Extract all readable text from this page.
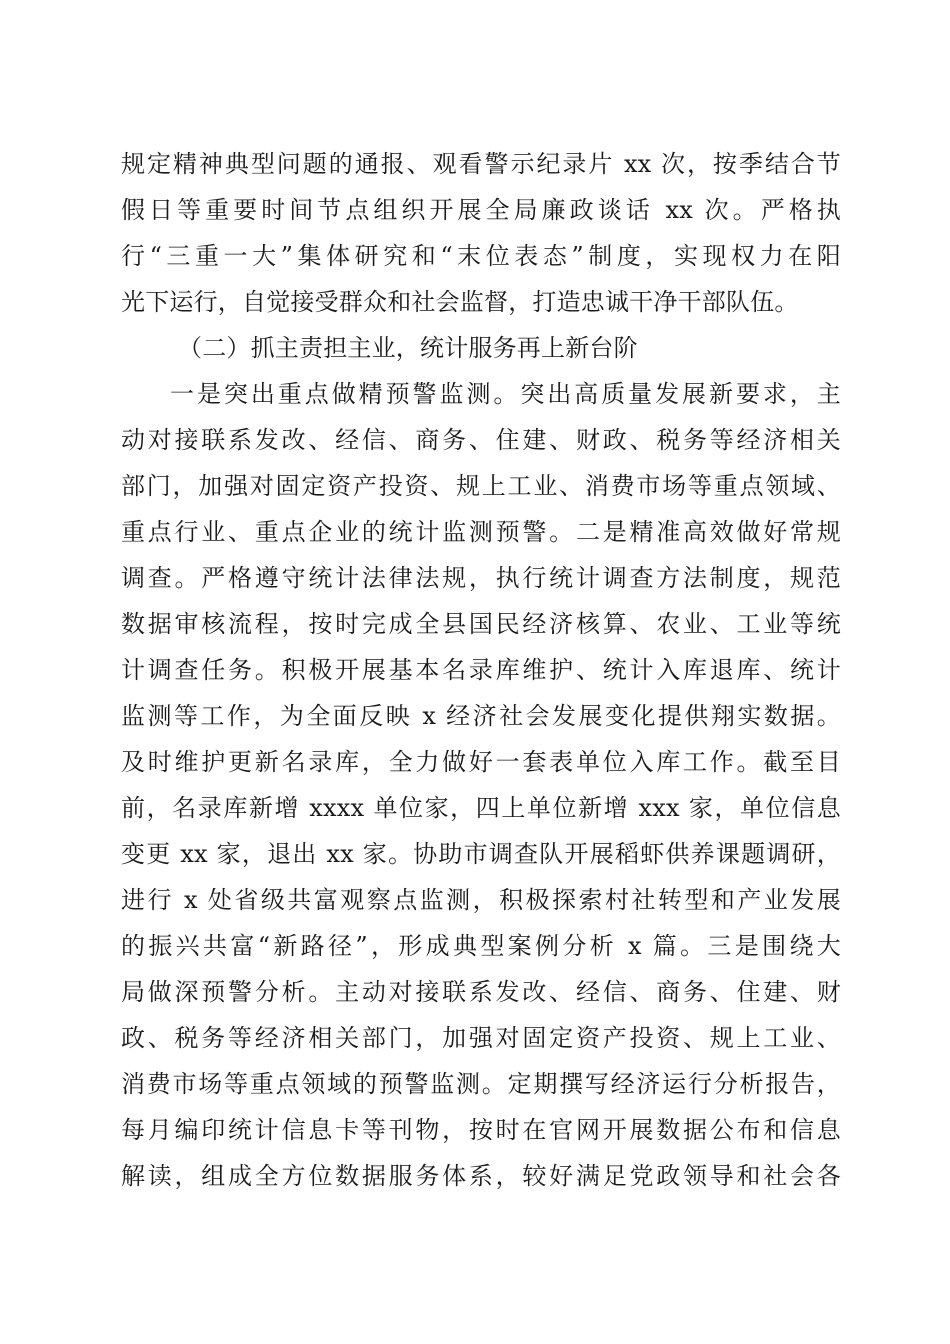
规定精神典型问题的通报、观看警示纪录片 xx 次，按季结合节
假日等重要时间节点组织开展全局廉政谈话 xx 次。严格执
行“三重一大”集体研究和“末位表态”制度，实现权力在阳
光下运行，自觉接受群众和社会监督，打造忠诚干净干部队伍。
（二）抓主责担主业，统计服务再上新台阶
一是突出重点做精预警监测。突出高质量发展新要求，主
动对接联系发改、经信、商务、住建、财政、税务等经济相关
部门，加强对固定资产投资、规上工业、消费市场等重点领域、
重点行业、重点企业的统计监测预警。二是精准高效做好常规
调查。严格遵守统计法律法规，执行统计调查方法制度，规范
数据审核流程，按时完成全县国民经济核算、农业、工业等统
计调查任务。积极开展基本名录库维护、统计入库退库、统计
监测等工作，为全面反映 x 经济社会发展变化提供翔实数据。
及时维护更新名录库，全力做好一套表单位入库工作。截至目
前，名录库新增 xxxx 单位家，四上单位新增 xxx 家，单位信息
变更 xx 家，退出 xx 家。协助市调查队开展稻虾供养课题调研，
进行 x 处省级共富观察点监测，积极探索村社转型和产业发展
的振兴共富“新路径”，形成典型案例分析 x 篇。三是围绕大
局做深预警分析。主动对接联系发改、经信、商务、住建、财
政、税务等经济相关部门，加强对固定资产投资、规上工业、
消费市场等重点领域的预警监测。定期撰写经济运行分析报告，
每月编印统计信息卡等刊物，按时在官网开展数据公布和信息
解读，组成全方位数据服务体系，较好满足党政领导和社会各
